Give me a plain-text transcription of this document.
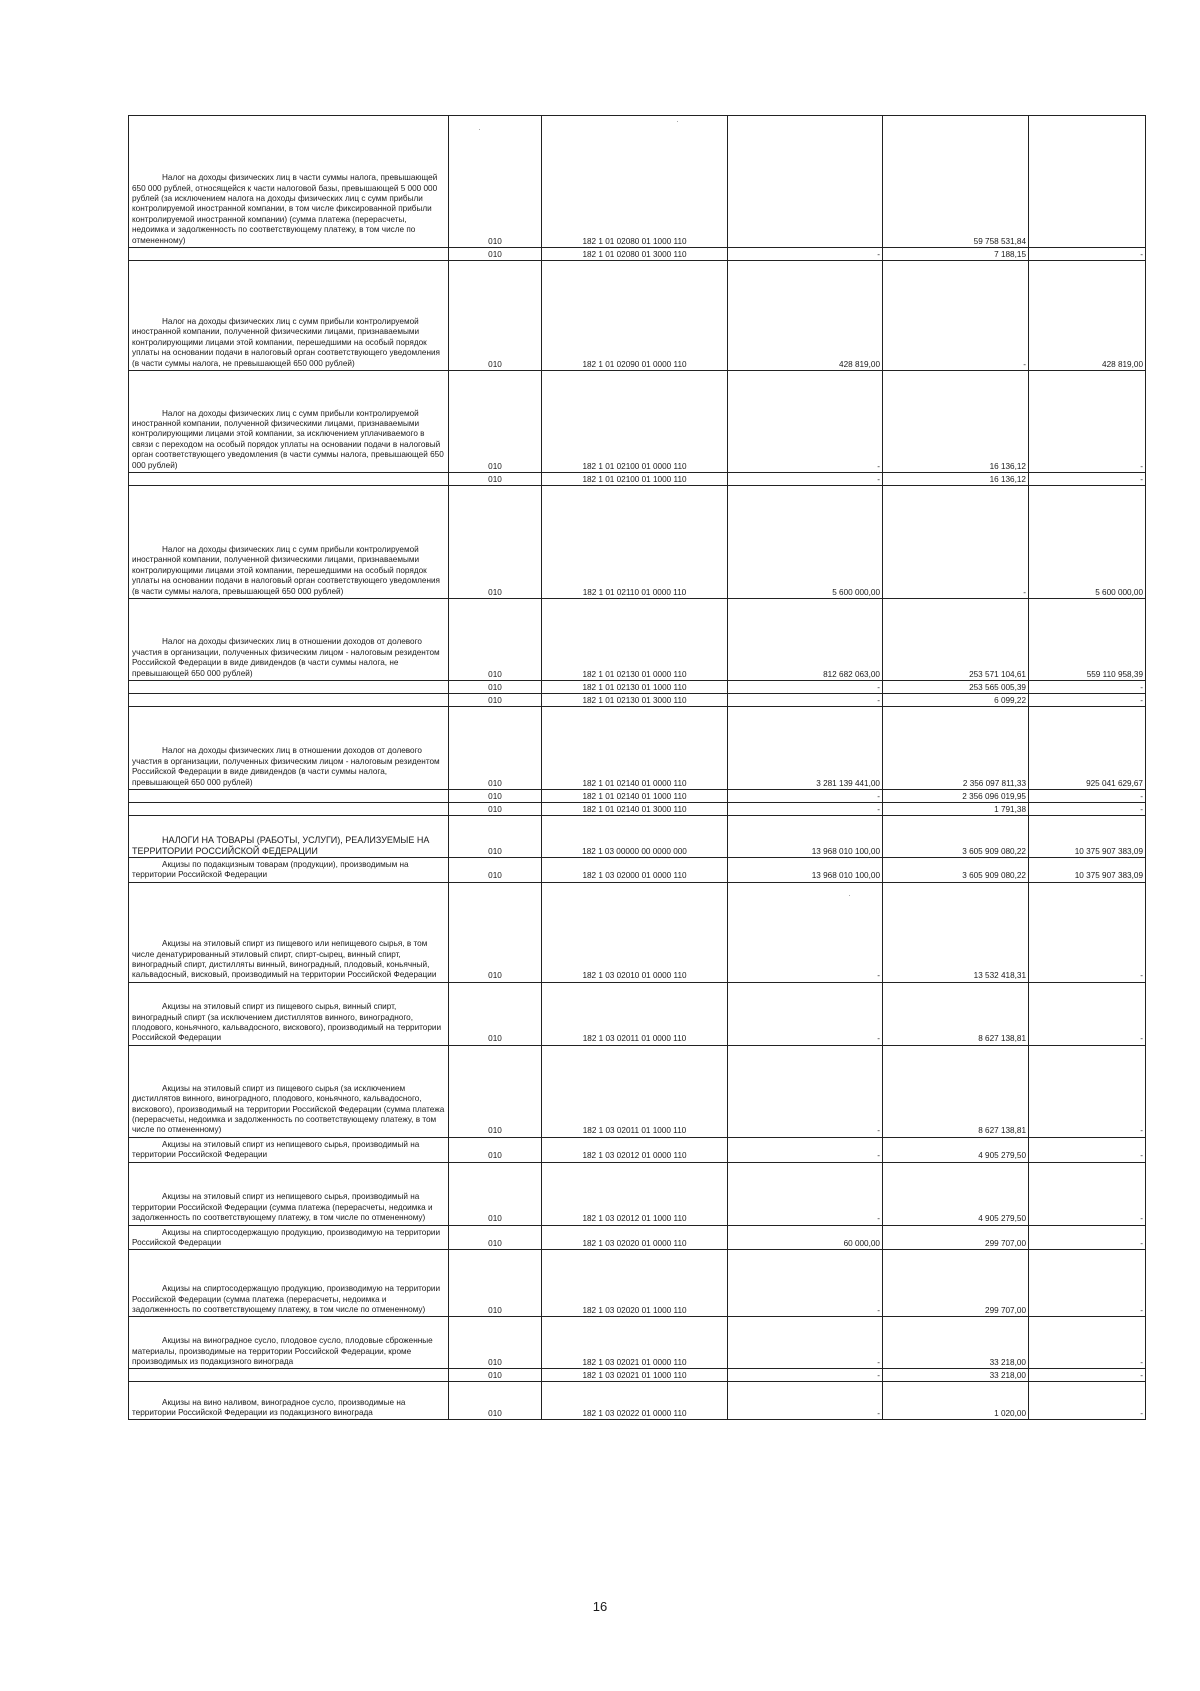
Налог на доходы физических лиц в части суммы налога, превышающей 650 000 рублей, относящейся к части налоговой базы, превышающей 5 000 000 рублей (за исключением налога на доходы физических лиц с сумм прибыли контролируемой иностранной компании, в том числе фиксированной прибыли контролируемой иностранной компании) (сумма платежа (перерасчеты, недоимка и задолженность по соответствующему платежу, в том числе по отмененному)	010	182 1 01 02080 01 1000 110		59 758 531,84	

	010	182 1 01 02080 01 3000 110	-	7 188,15	-

Налог на доходы физических лиц с сумм прибыли контролируемой иностранной компании, полученной физическими лицами, признаваемыми контролирующими лицами этой компании, перешедшими на особый порядок уплаты на основании подачи в налоговый орган соответствующего уведомления (в части суммы налога, не превышающей 650 000 рублей)	010	182 1 01 02090 01 0000 110	428 819,00	-	428 819,00

Налог на доходы физических лиц с сумм прибыли контролируемой иностранной компании, полученной физическими лицами, признаваемыми контролирующими лицами этой компании, за исключением уплачиваемого в связи с переходом на особый порядок уплаты на основании подачи в налоговый орган соответствующего уведомления (в части суммы налога, превышающей 650 000 рублей)	010	182 1 01 02100 01 0000 110	-	16 136,12	-

	010	182 1 01 02100 01 1000 110	-	16 136,12	-

Налог на доходы физических лиц с сумм прибыли контролируемой иностранной компании, полученной физическими лицами, признаваемыми контролирующими лицами этой компании, перешедшими на особый порядок уплаты на основании подачи в налоговый орган соответствующего уведомления (в части суммы налога, превышающей 650 000 рублей)	010	182 1 01 02110 01 0000 110	5 600 000,00	-	5 600 000,00

Налог на доходы физических лиц в отношении доходов от долевого участия в организации, полученных физическим лицом - налоговым резидентом Российской Федерации в виде дивидендов (в части суммы налога, не превышающей 650 000 рублей)	010	182 1 01 02130 01 0000 110	812 682 063,00	253 571 104,61	559 110 958,39

	010	182 1 01 02130 01 1000 110	-	253 565 005,39	-

	010	182 1 01 02130 01 3000 110	-	6 099,22	-

Налог на доходы физических лиц в отношении доходов от долевого участия в организации, полученных физическим лицом - налоговым резидентом Российской Федерации в виде дивидендов (в части суммы налога, превышающей 650 000 рублей)	010	182 1 01 02140 01 0000 110	3 281 139 441,00	2 356 097 811,33	925 041 629,67

	010	182 1 01 02140 01 1000 110	-	2 356 096 019,95	-

	010	182 1 01 02140 01 3000 110	-	1 791,38	-

НАЛОГИ НА ТОВАРЫ (РАБОТЫ, УСЛУГИ), РЕАЛИЗУЕМЫЕ НА ТЕРРИТОРИИ РОССИЙСКОЙ ФЕДЕРАЦИИ	010	182 1 03 00000 00 0000 000	13 968 010 100,00	3 605 909 080,22	10 375 907 383,09

Акцизы по подакцизным товарам (продукции), производимым на территории Российской Федерации	010	182 1 03 02000 01 0000 110	13 968 010 100,00	3 605 909 080,22	10 375 907 383,09

Акцизы на этиловый спирт из пищевого или непищевого сырья, в том числе денатурированный этиловый спирт, спирт-сырец, винный спирт, виноградный спирт, дистилляты винный, виноградный, плодовый, коньячный, кальвадосный, висковый, производимый на территории Российской Федерации	010	182 1 03 02010 01 0000 110	-	13 532 418,31	-

Акцизы на этиловый спирт из пищевого сырья, винный спирт, виноградный спирт (за исключением дистиллятов винного, виноградного, плодового, коньячного, кальвадосного, вискового), производимый на территории Российской Федерации	010	182 1 03 02011 01 0000 110	-	8 627 138,81	-

Акцизы на этиловый спирт из пищевого сырья (за исключением дистиллятов винного, виноградного, плодового, коньячного, кальвадосного, вискового), производимый на территории Российской Федерации (сумма платежа (перерасчеты, недоимка и задолженность по соответствующему платежу, в том числе по отмененному)	010	182 1 03 02011 01 1000 110	-	8 627 138,81	-

Акцизы на этиловый спирт из непищевого сырья, производимый на территории Российской Федерации	010	182 1 03 02012 01 0000 110	-	4 905 279,50	-

Акцизы на этиловый спирт из непищевого сырья, производимый на территории Российской Федерации (сумма платежа (перерасчеты, недоимка и задолженность по соответствующему платежу, в том числе по отмененному)	010	182 1 03 02012 01 1000 110	-	4 905 279,50	-

Акцизы на спиртосодержащую продукцию, производимую на территории Российской Федерации	010	182 1 03 02020 01 0000 110	60 000,00	299 707,00	-

Акцизы на спиртосодержащую продукцию, производимую на территории Российской Федерации (сумма платежа (перерасчеты, недоимка и задолженность по соответствующему платежу, в том числе по отмененному)	010	182 1 03 02020 01 1000 110	-	299 707,00	-

Акцизы на виноградное сусло, плодовое сусло, плодовые сброженные материалы, производимые на территории Российской Федерации, кроме производимых из подакцизного винограда	010	182 1 03 02021 01 0000 110	-	33 218,00	-

	010	182 1 03 02021 01 1000 110	-	33 218,00	-

Акцизы на вино наливом, виноградное сусло, производимые на территории Российской Федерации из подакцизного винограда	010	182 1 03 02022 01 0000 110	-	1 020,00	-
·
·
·
16
